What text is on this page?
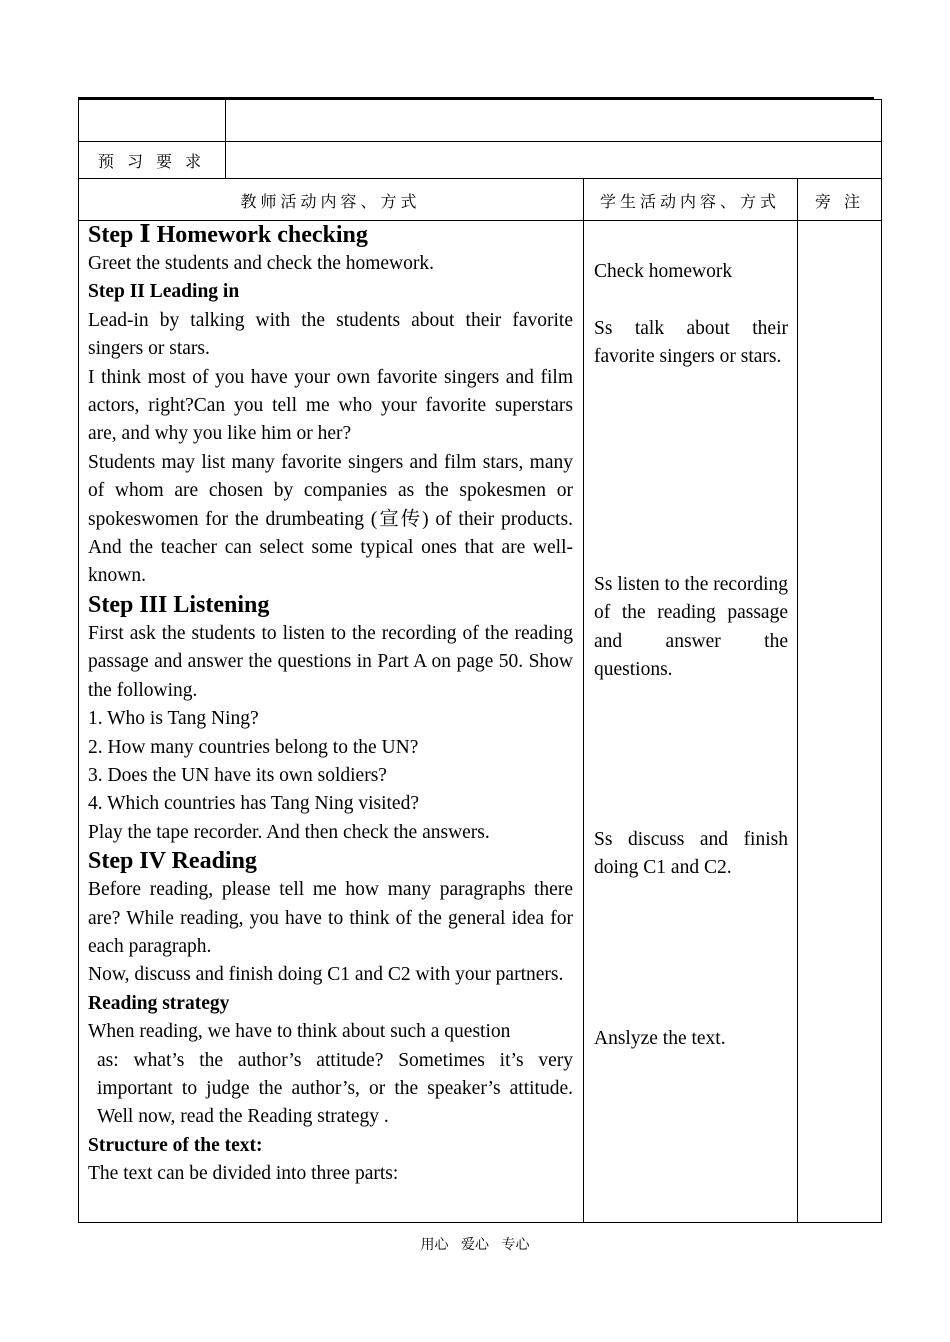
预 习 要 求
教师活动内容、方式	学生活动内容、方式	旁 注

Step Ⅰ Homework checking

Greet the students and check the homework.

Step II Leading in

Lead-in by talking with the students about their favorite singers or stars.

I think most of you have your own favorite singers and film actors, right?Can you tell me who your favorite superstars are, and why you like him or her?

Students may list many favorite singers and film stars, many of whom are chosen by companies as the spokesmen or spokeswomen for the drumbeating (宣传) of their products. And the teacher can select some typical ones that are well-known.

Step III Listening

First ask the students to listen to the recording of the reading passage and answer the questions in Part A on page 50. Show the following.

1. Who is Tang Ning?

2. How many countries belong to the UN?

3. Does the UN have its own soldiers?

4. Which countries has Tang Ning visited?

Play the tape recorder. And then check the answers.

Step IV Reading

Before reading, please tell me how many paragraphs there are? While reading, you have to think of the general idea for each paragraph.

Now, discuss and finish doing C1 and C2 with your partners.

Reading strategy

When reading, we have to think about such a question

as: what’s the author’s attitude? Sometimes it’s very important to judge the author’s, or the speaker’s attitude. Well now, read the Reading strategy .

Structure of the text:

The text can be divided into three parts:

Check homework

Ss talk about their favorite singers or stars.

Ss listen to the recording of the reading passage and answer the questions.

Ss discuss and finish doing C1 and C2.

Anslyze the text.

用心 爱心 专心
